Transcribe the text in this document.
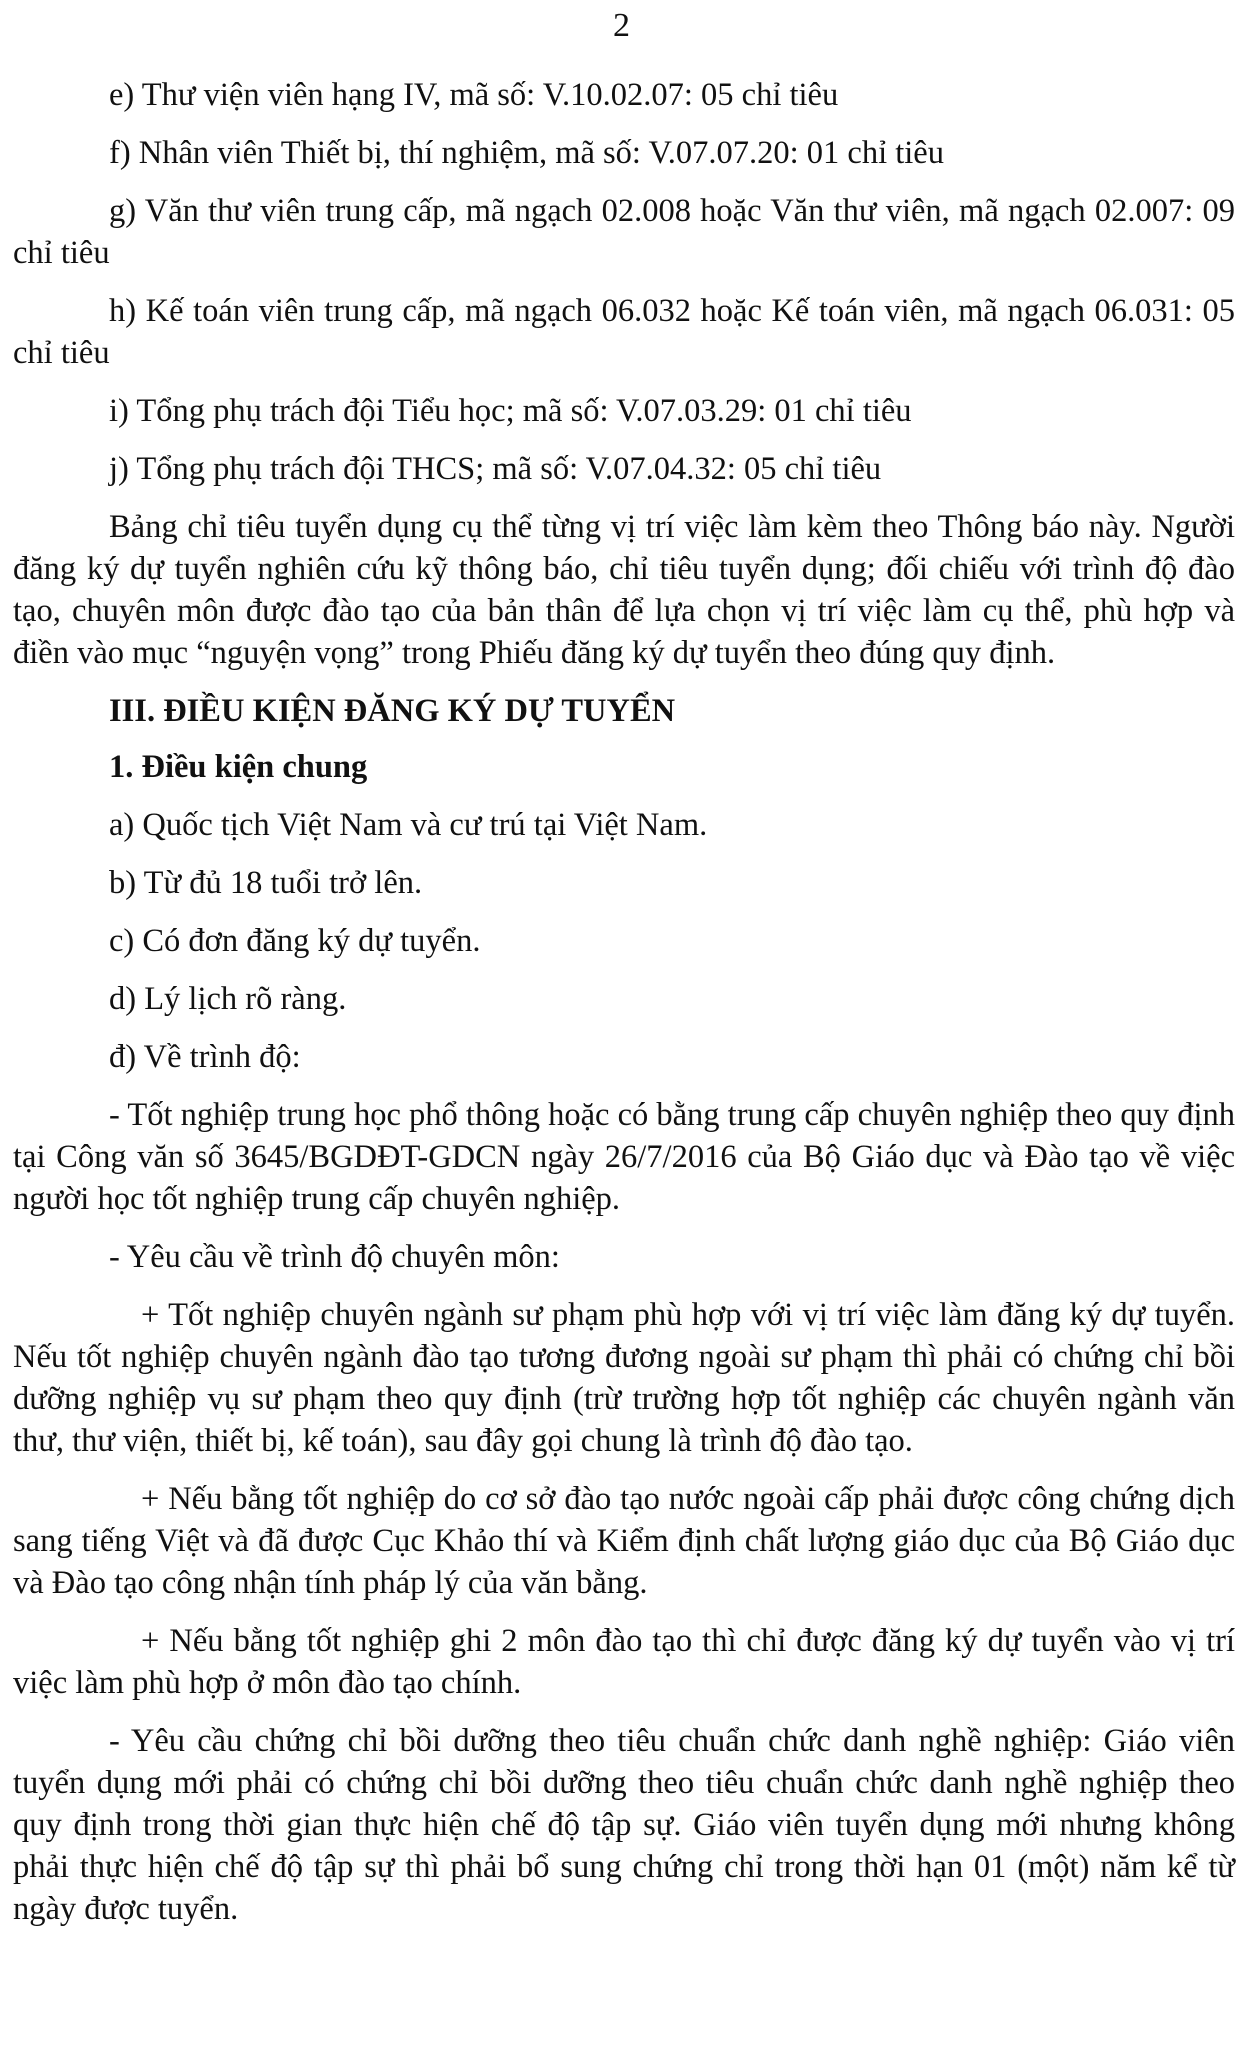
2

e) Thư viện viên hạng IV, mã số: V.10.02.07: 05 chỉ tiêu

f) Nhân viên Thiết bị, thí nghiệm, mã số: V.07.07.20: 01 chỉ tiêu

g) Văn thư viên trung cấp, mã ngạch 02.008 hoặc Văn thư viên, mã ngạch 02.007: 09 chỉ tiêu

h) Kế toán viên trung cấp, mã ngạch 06.032 hoặc Kế toán viên, mã ngạch 06.031: 05 chỉ tiêu

i) Tổng phụ trách đội Tiểu học; mã số: V.07.03.29: 01 chỉ tiêu

j) Tổng phụ trách đội THCS; mã số: V.07.04.32: 05 chỉ tiêu

Bảng chỉ tiêu tuyển dụng cụ thể từng vị trí việc làm kèm theo Thông báo này. Người đăng ký dự tuyển nghiên cứu kỹ thông báo, chỉ tiêu tuyển dụng; đối chiếu với trình độ đào tạo, chuyên môn được đào tạo của bản thân để lựa chọn vị trí việc làm cụ thể, phù hợp và điền vào mục “nguyện vọng” trong Phiếu đăng ký dự tuyển theo đúng quy định.

III. ĐIỀU KIỆN ĐĂNG KÝ DỰ TUYỂN

1. Điều kiện chung

a) Quốc tịch Việt Nam và cư trú tại Việt Nam.

b) Từ đủ 18 tuổi trở lên.

c) Có đơn đăng ký dự tuyển.

d) Lý lịch rõ ràng.

đ) Về trình độ:

- Tốt nghiệp trung học phổ thông hoặc có bằng trung cấp chuyên nghiệp theo quy định tại Công văn số 3645/BGDĐT-GDCN ngày 26/7/2016 của Bộ Giáo dục và Đào tạo về việc người học tốt nghiệp trung cấp chuyên nghiệp.

- Yêu cầu về trình độ chuyên môn:

+ Tốt nghiệp chuyên ngành sư phạm phù hợp với vị trí việc làm đăng ký dự tuyển. Nếu tốt nghiệp chuyên ngành đào tạo tương đương ngoài sư phạm thì phải có chứng chỉ bồi dưỡng nghiệp vụ sư phạm theo quy định (trừ trường hợp tốt nghiệp các chuyên ngành văn thư, thư viện, thiết bị, kế toán), sau đây gọi chung là trình độ đào tạo.

+ Nếu bằng tốt nghiệp do cơ sở đào tạo nước ngoài cấp phải được công chứng dịch sang tiếng Việt và đã được Cục Khảo thí và Kiểm định chất lượng giáo dục của Bộ Giáo dục và Đào tạo công nhận tính pháp lý của văn bằng.

+ Nếu bằng tốt nghiệp ghi 2 môn đào tạo thì chỉ được đăng ký dự tuyển vào vị trí việc làm phù hợp ở môn đào tạo chính.

- Yêu cầu chứng chỉ bồi dưỡng theo tiêu chuẩn chức danh nghề nghiệp: Giáo viên tuyển dụng mới phải có chứng chỉ bồi dưỡng theo tiêu chuẩn chức danh nghề nghiệp theo quy định trong thời gian thực hiện chế độ tập sự. Giáo viên tuyển dụng mới nhưng không phải thực hiện chế độ tập sự thì phải bổ sung chứng chỉ trong thời hạn 01 (một) năm kể từ ngày được tuyển.
